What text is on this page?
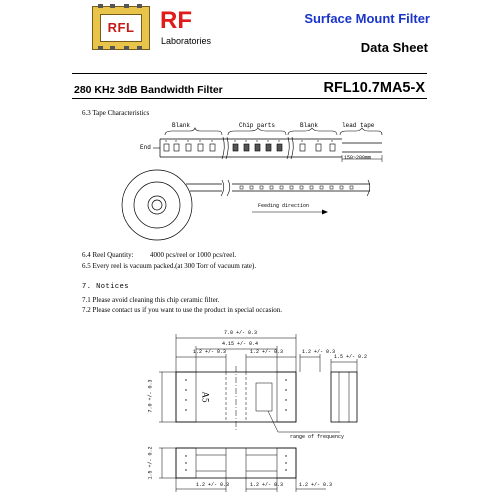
RFL RF
Laboratories
Surface Mount Filter
Data Sheet
280 KHz 3dB Bandwidth Filter	RFL10.7MA5-X
6.3 Tape Characteristics
Blank	Chip parts	Blank	lead tape
End
150~200mm
Feeding direction
6.4 Reel Quantity: 4000 pcs/reel or 1000 pcs/reel.
6.5 Every reel is vacuum packed.(at 300 Torr of vacuum rate).
7. Notices
7.1 Please avoid cleaning this chip ceramic filter.
7.2 Please contact us if you want to use the product in special occasion.
7.0 +/- 0.3
4.15 +/- 0.4
1.2 +/- 0.3	1.2 +/- 0.3	1.2 +/- 0.3
1.5 +/- 0.2
7.0 +/- 0.3	A5
range of frequency
1.5 +/- 0.2
1.2 +/- 0.3	1.2 +/- 0.3	1.2 +/- 0.3
